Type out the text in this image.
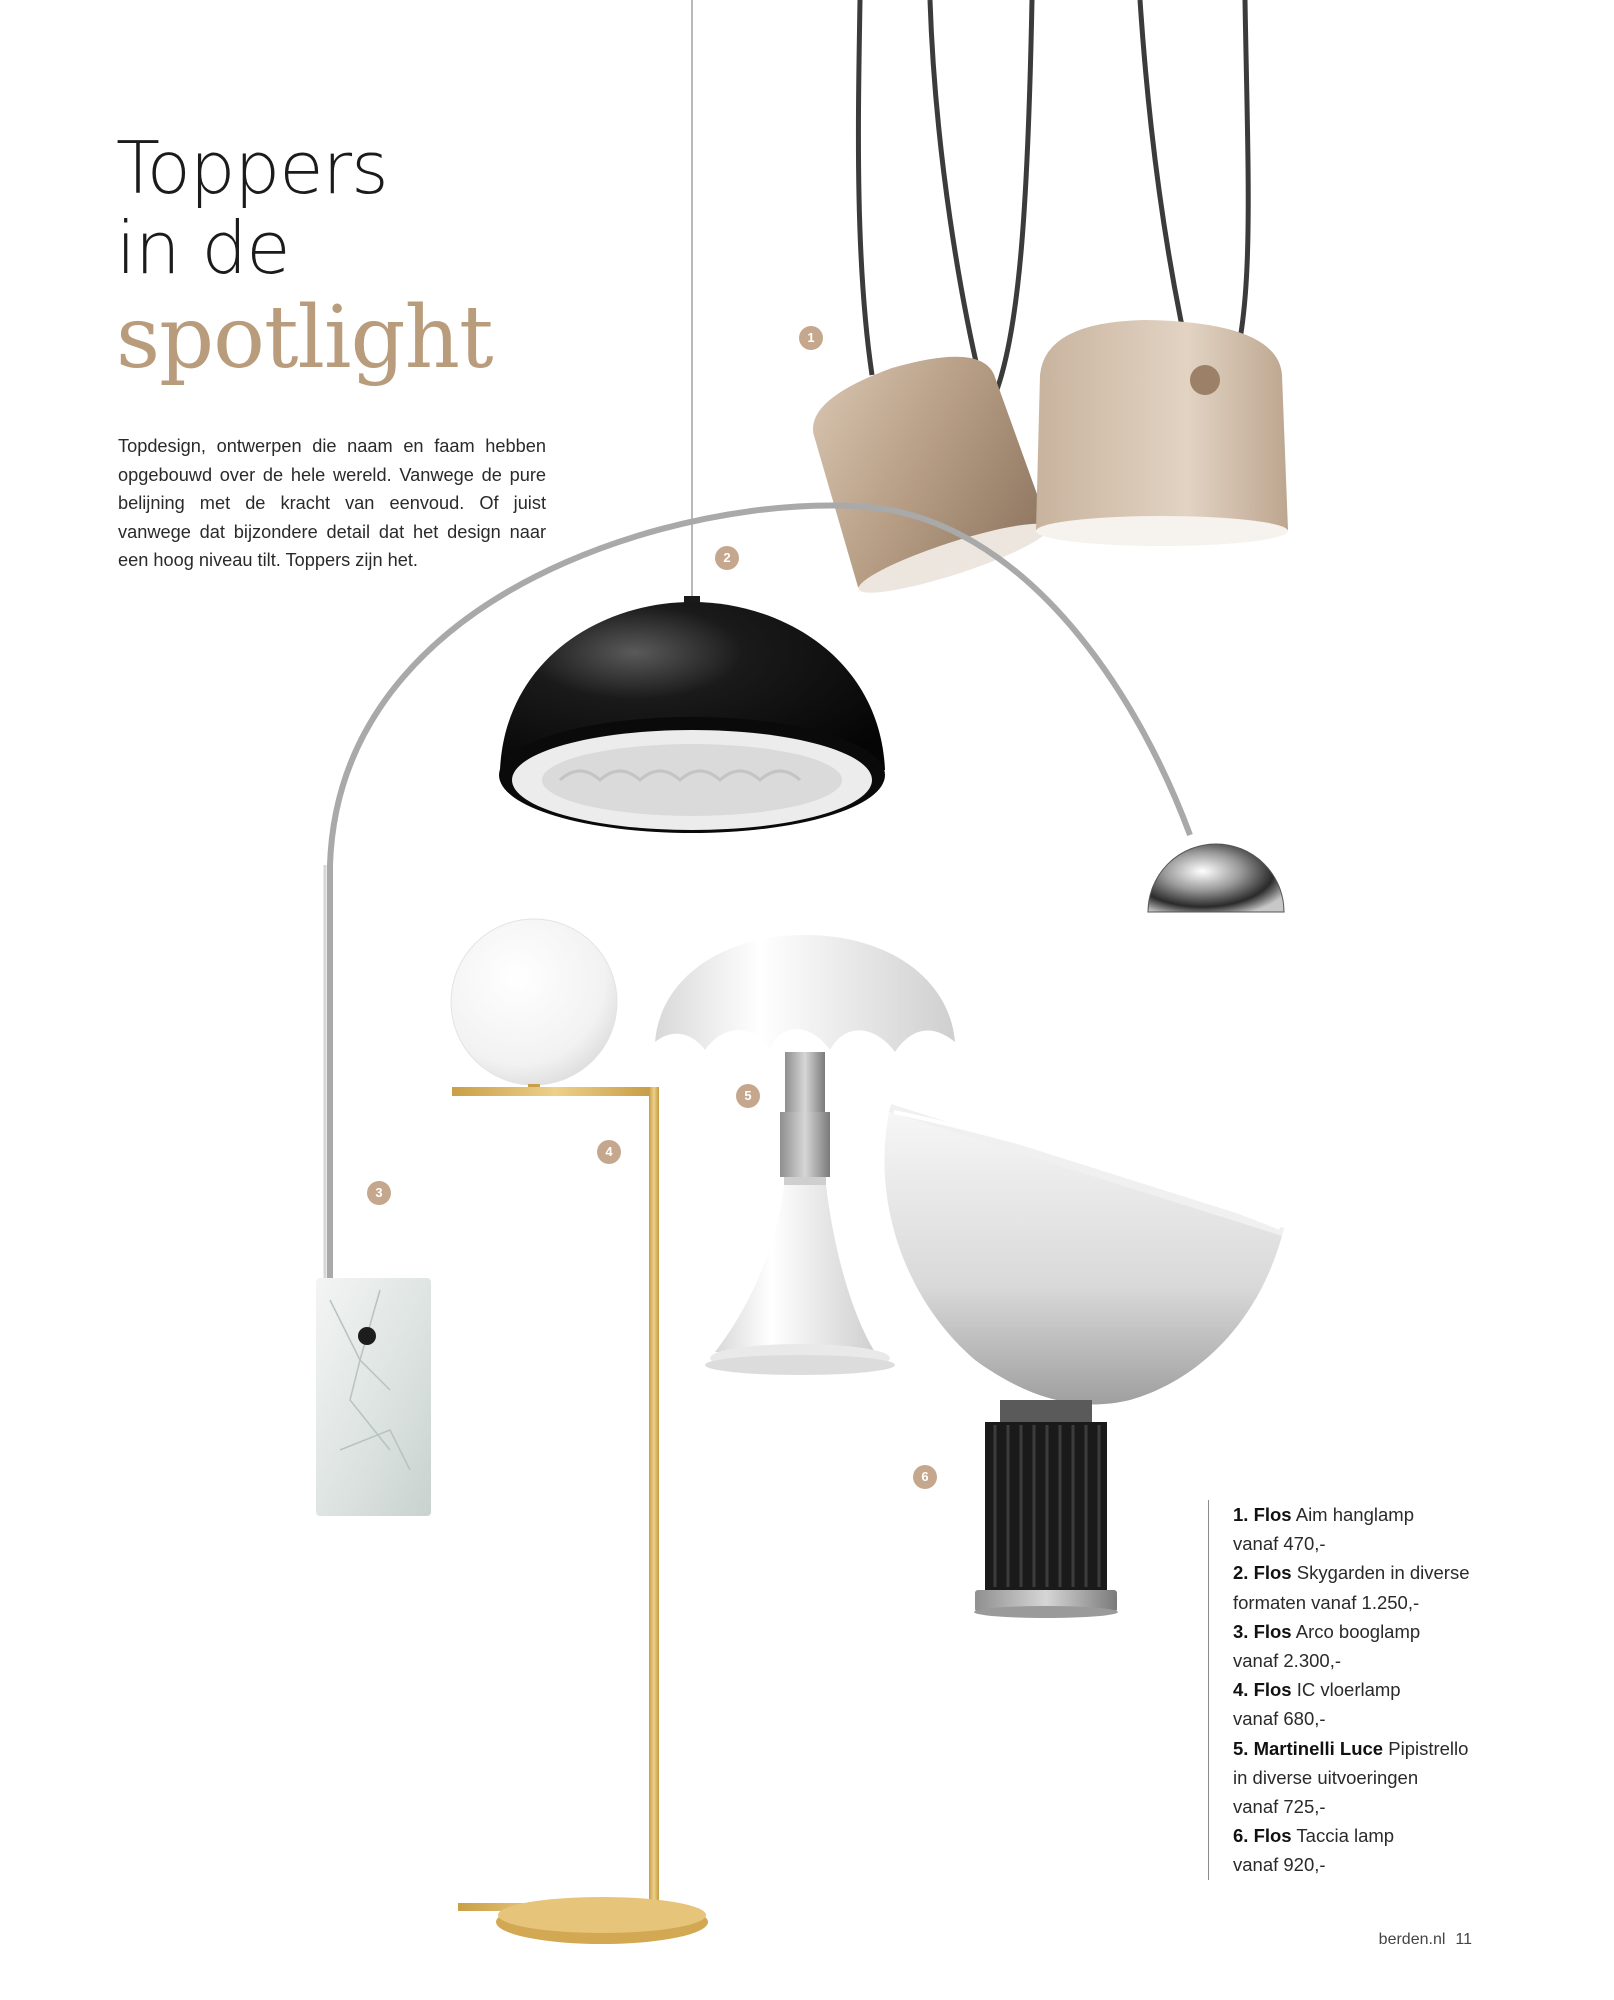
Toppers
in de
spotlight

Topdesign, ontwerpen die naam en faam hebben opgebouwd over de hele wereld. Vanwege de pure belijning met de kracht van eenvoud. Of juist vanwege dat bijzondere detail dat het design naar een hoog niveau tilt. Toppers zijn het.

1
2
3
4
5
6
1. Flos Aim hanglamp
vanaf 470,-
2. Flos Skygarden in diverse
formaten vanaf 1.250,-
3. Flos Arco booglamp
vanaf 2.300,-
4. Flos IC vloerlamp
vanaf 680,-
5. Martinelli Luce Pipistrello
in diverse uitvoeringen
vanaf 725,-
6. Flos Taccia lamp
vanaf 920,-
berden.nl 11
